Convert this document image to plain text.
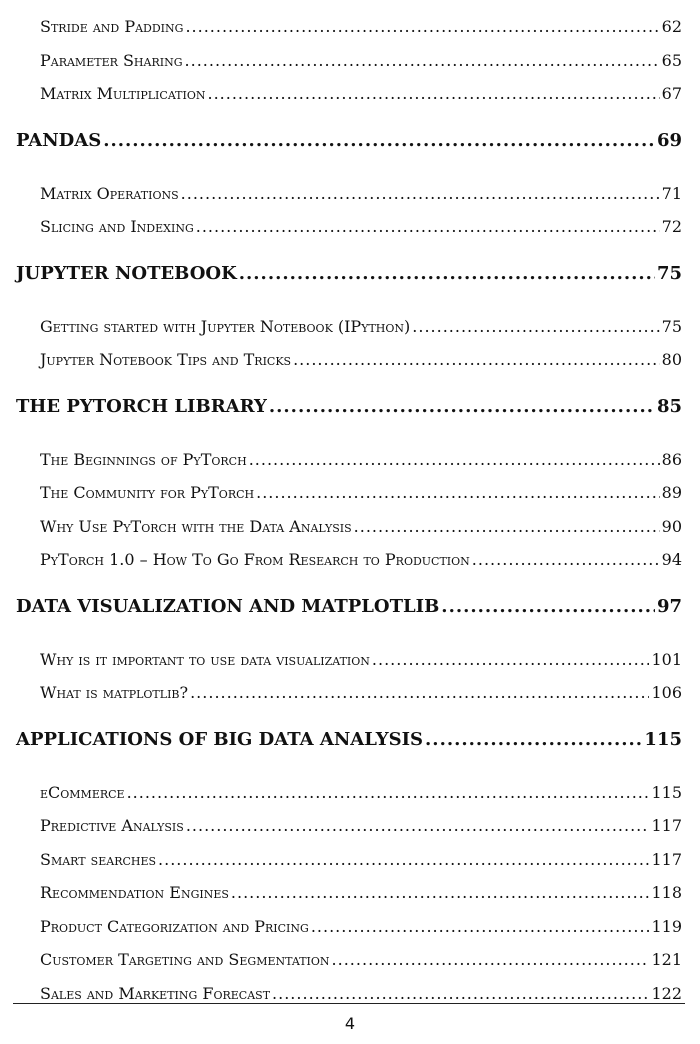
Stride and Padding .....	62
Parameter Sharing .....	65
Matrix Multiplication .....	67
PANDAS .....	69
Matrix Operations .....	71
Slicing and Indexing .....	72
JUPYTER NOTEBOOK .....	75
Getting started with Jupyter Notebook (IPython) .....	75
Jupyter Notebook Tips and Tricks .....	80
THE PYTORCH LIBRARY .....	85
The Beginnings of PyTorch .....	86
The Community for PyTorch .....	89
Why Use PyTorch with the Data Analysis .....	90
PyTorch 1.0 – How To Go From Research to Production .....	94
DATA VISUALIZATION AND MATPLOTLIB .....	97
Why is it important to use data visualization .....	101
What is matplotlib? .....	106
APPLICATIONS OF BIG DATA ANALYSIS .....	115
eCommerce .....	115
Predictive Analysis .....	117
Smart searches .....	117
Recommendation Engines .....	118
Product Categorization and Pricing .....	119
Customer Targeting and Segmentation .....	121
Sales and Marketing Forecast .....	122
4
